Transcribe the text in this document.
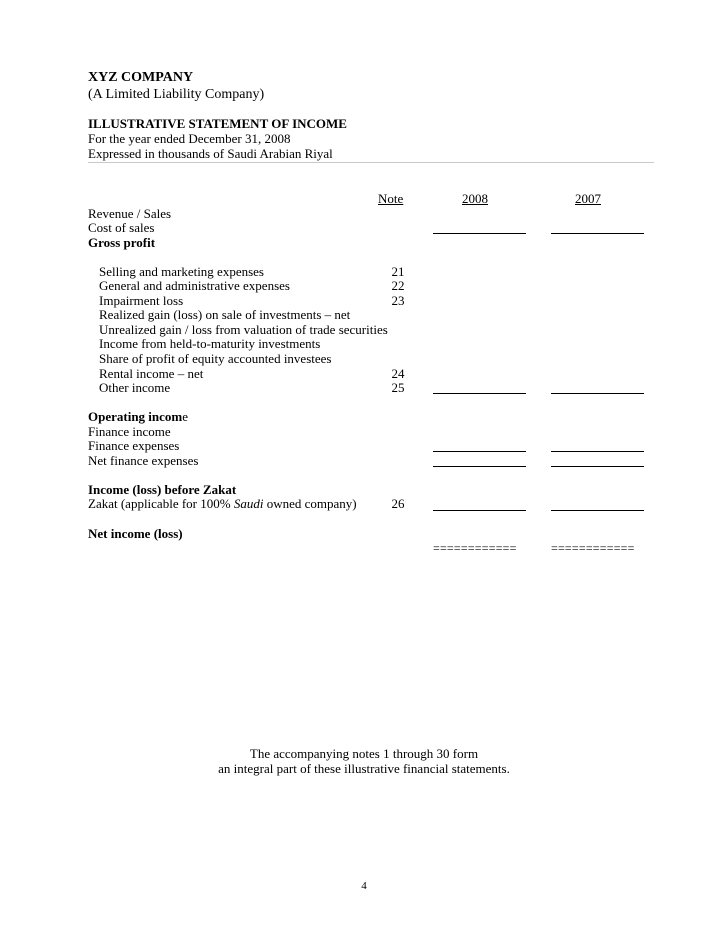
XYZ COMPANY
(A Limited Liability Company)
ILLUSTRATIVE STATEMENT OF INCOME
For the year ended December 31, 2008
Expressed in thousands of Saudi Arabian Riyal
Note	2008	2007
Revenue / Sales
Cost of sales
Gross profit
Selling and marketing expenses	21
General and administrative expenses	22
Impairment loss	23
Realized gain (loss) on sale of investments – net
Unrealized gain / loss from valuation of trade securities
Income from held-to-maturity investments
Share of profit of equity accounted investees
Rental income – net	24
Other income	25
Operating income
Finance income
Finance expenses
Net finance expenses
Income (loss) before Zakat
Zakat (applicable for 100% Saudi owned company)	26
Net income (loss)
============	============
The accompanying notes 1 through 30 form
an integral part of these illustrative financial statements.
4
